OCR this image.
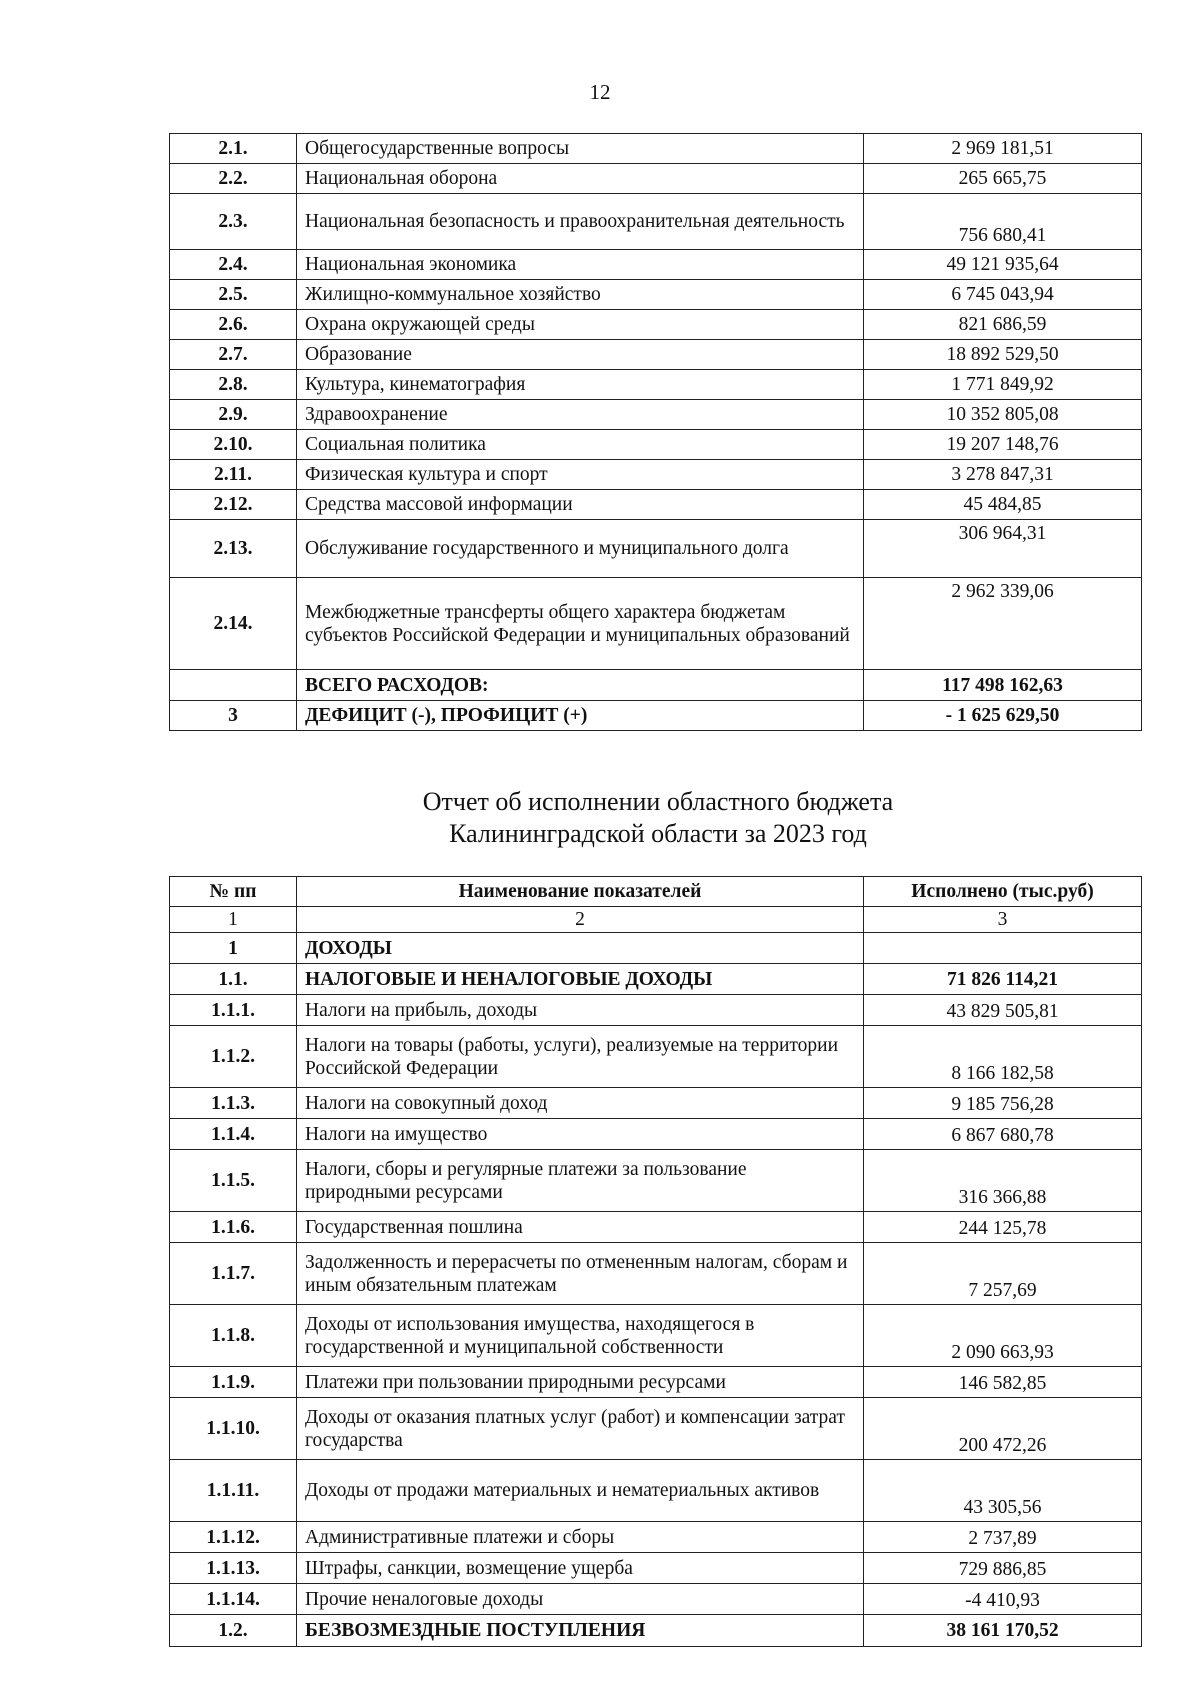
12
2.1.	Общегосударственные вопросы	2 969 181,51
2.2.	Национальная оборона	265 665,75
2.3.	Национальная безопасность и правоохранительная деятельность	756 680,41
2.4.	Национальная экономика	49 121 935,64
2.5.	Жилищно-коммунальное хозяйство	6 745 043,94
2.6.	Охрана окружающей среды	821 686,59
2.7.	Образование	18 892 529,50
2.8.	Культура, кинематография	1 771 849,92
2.9.	Здравоохранение	10 352 805,08
2.10.	Социальная политика	19 207 148,76
2.11.	Физическая культура и спорт	3 278 847,31
2.12.	Средства массовой информации	45 484,85
2.13.	Обслуживание государственного и муниципального долга	306 964,31
2.14.	Межбюджетные трансферты общего характера бюджетам субъектов Российской Федерации и муниципальных образований	2 962 339,06
	ВСЕГО РАСХОДОВ:	117 498 162,63
3	ДЕФИЦИТ (-), ПРОФИЦИТ (+)	- 1 625 629,50
Отчет об исполнении областного бюджета
Калининградской области за 2023 год
№ пп	Наименование показателей	Исполнено (тыс.руб)
1	2	3
1	ДОХОДЫ	
1.1.	НАЛОГОВЫЕ И НЕНАЛОГОВЫЕ ДОХОДЫ	71 826 114,21
1.1.1.	Налоги на прибыль, доходы	43 829 505,81
1.1.2.	Налоги на товары (работы, услуги), реализуемые на территории Российской Федерации	8 166 182,58
1.1.3.	Налоги на совокупный доход	9 185 756,28
1.1.4.	Налоги на имущество	6 867 680,78
1.1.5.	Налоги, сборы и регулярные платежи за пользование природными ресурсами	316 366,88
1.1.6.	Государственная пошлина	244 125,78
1.1.7.	Задолженность и перерасчеты по отмененным налогам, сборам и иным обязательным платежам	7 257,69
1.1.8.	Доходы от использования имущества, находящегося в государственной и муниципальной собственности	2 090 663,93
1.1.9.	Платежи при пользовании природными ресурсами	146 582,85
1.1.10.	Доходы от оказания платных услуг (работ) и компенсации затрат государства	200 472,26
1.1.11.	Доходы от продажи материальных и нематериальных активов	43 305,56
1.1.12.	Административные платежи и сборы	2 737,89
1.1.13.	Штрафы, санкции, возмещение ущерба	729 886,85
1.1.14.	Прочие неналоговые доходы	-4 410,93
1.2.	БЕЗВОЗМЕЗДНЫЕ ПОСТУПЛЕНИЯ	38 161 170,52
